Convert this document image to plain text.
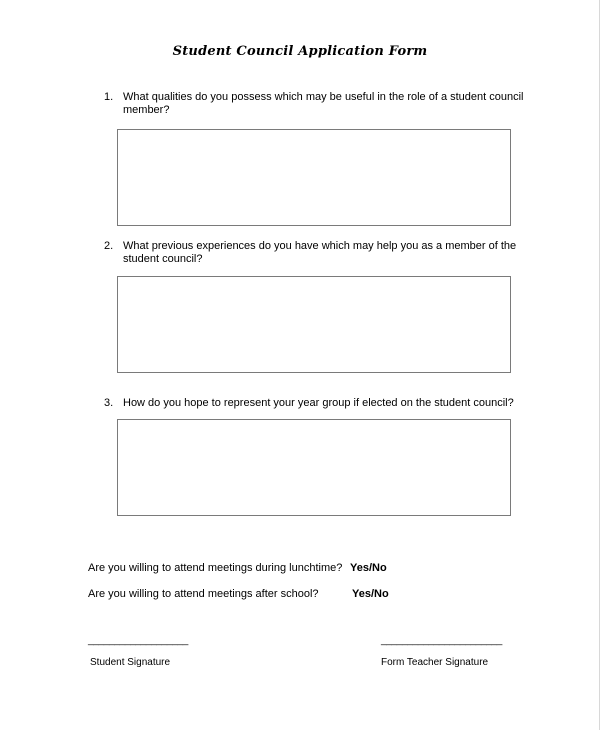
Student Council Application Form
1. What qualities do you possess which may be useful in the role of a student council member?
2. What previous experiences do you have which may help you as a member of the student council?
3. How do you hope to represent your year group if elected on the student council?
Are you willing to attend meetings during lunchtime? Yes/No
Are you willing to attend meetings after school?	Yes/No
___________________
Student Signature
_______________________
Form Teacher Signature
